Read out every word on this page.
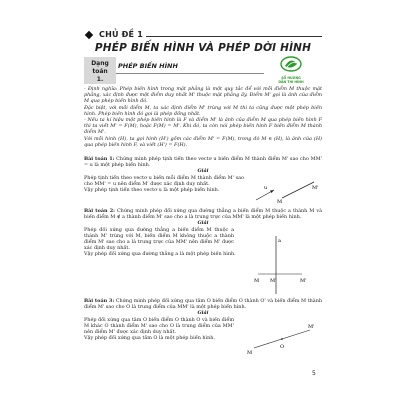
CHỦ ĐỀ 1
PHÉP BIẾN HÌNH VÀ PHÉP DỜI HÌNH
Dạng toán
1.
PHÉP BIẾN HÌNH
SỔ HƯỚNG
DẪN THI HÌNH
- Định nghĩa: Phép biến hình trong mặt phẳng là một quy tắc để với mỗi điểm M thuộc mặt phẳng, xác định được một điểm duy nhất M' thuộc mặt phẳng ấy. Điểm M' gọi là ảnh của điểm M qua phép biến hình đó.
Đặc biệt, với mỗi điểm M, ta xác định điểm M' trùng với M thì ta cũng được một phép biến hình. Phép biến hình đó gọi là phép đồng nhất.
- Nếu ta kí hiệu một phép biến hình là F và điểm M' là ảnh của điểm M qua phép biến hình F thì ta viết M' = F(M), hoặc F(M) = M'. Khi đó, ta còn nói phép biến hình F biến điểm M thành điểm M'.
Với mỗi hình (H), ta gọi hình (H') gồm các điểm M' = F(M), trong đó M ∈ (H), là ảnh của (H) qua phép biến hình F, và viết (H') = F(H).
Bài toán 1: Chứng minh phép tịnh tiến theo vectơ u biến điểm M thành điểm M' sao cho MM' = u là một phép biến hình.
Giải
Phép tịnh tiến theo vectơ u biến mỗi điểm M thành điểm M' sao cho MM' = u nên điểm M' được xác định duy nhất.
Vậy phép tịnh tiến theo vectơ u là một phép biến hình.	u
M
M'
Bài toán 2: Chứng minh phép đối xứng qua đường thẳng a biến điểm M thuộc a thành M và biến điểm M ∉ a thành điểm M' sao cho a là trung trực của MM' là một phép biến hình.
Giải
Phép đối xứng qua đường thẳng a biến điểm M thuộc a thành M' trùng với M, biến điểm M không thuộc a thành điểm M' sao cho a là trung trực của MM' nên điểm M' được xác định duy nhất.
Vậy phép đối xứng qua đường thẳng a là một phép biến hình.
a
M M'	M'
Bài toán 3: Chứng minh phép đối xứng qua tâm O biến điểm O thành O' và biến điểm M thành điểm M' sao cho O là trung điểm của MM' là một phép biến hình.
Giải
Phép đối xứng qua tâm O biến điểm O thành O và biến điểm M khác O thành điểm M' sao cho O là trung điểm của MM' nên điểm M' được xác định duy nhất.
Vậy phép đối xứng qua tâm O là một phép biến hình.
M
O
M'
5
